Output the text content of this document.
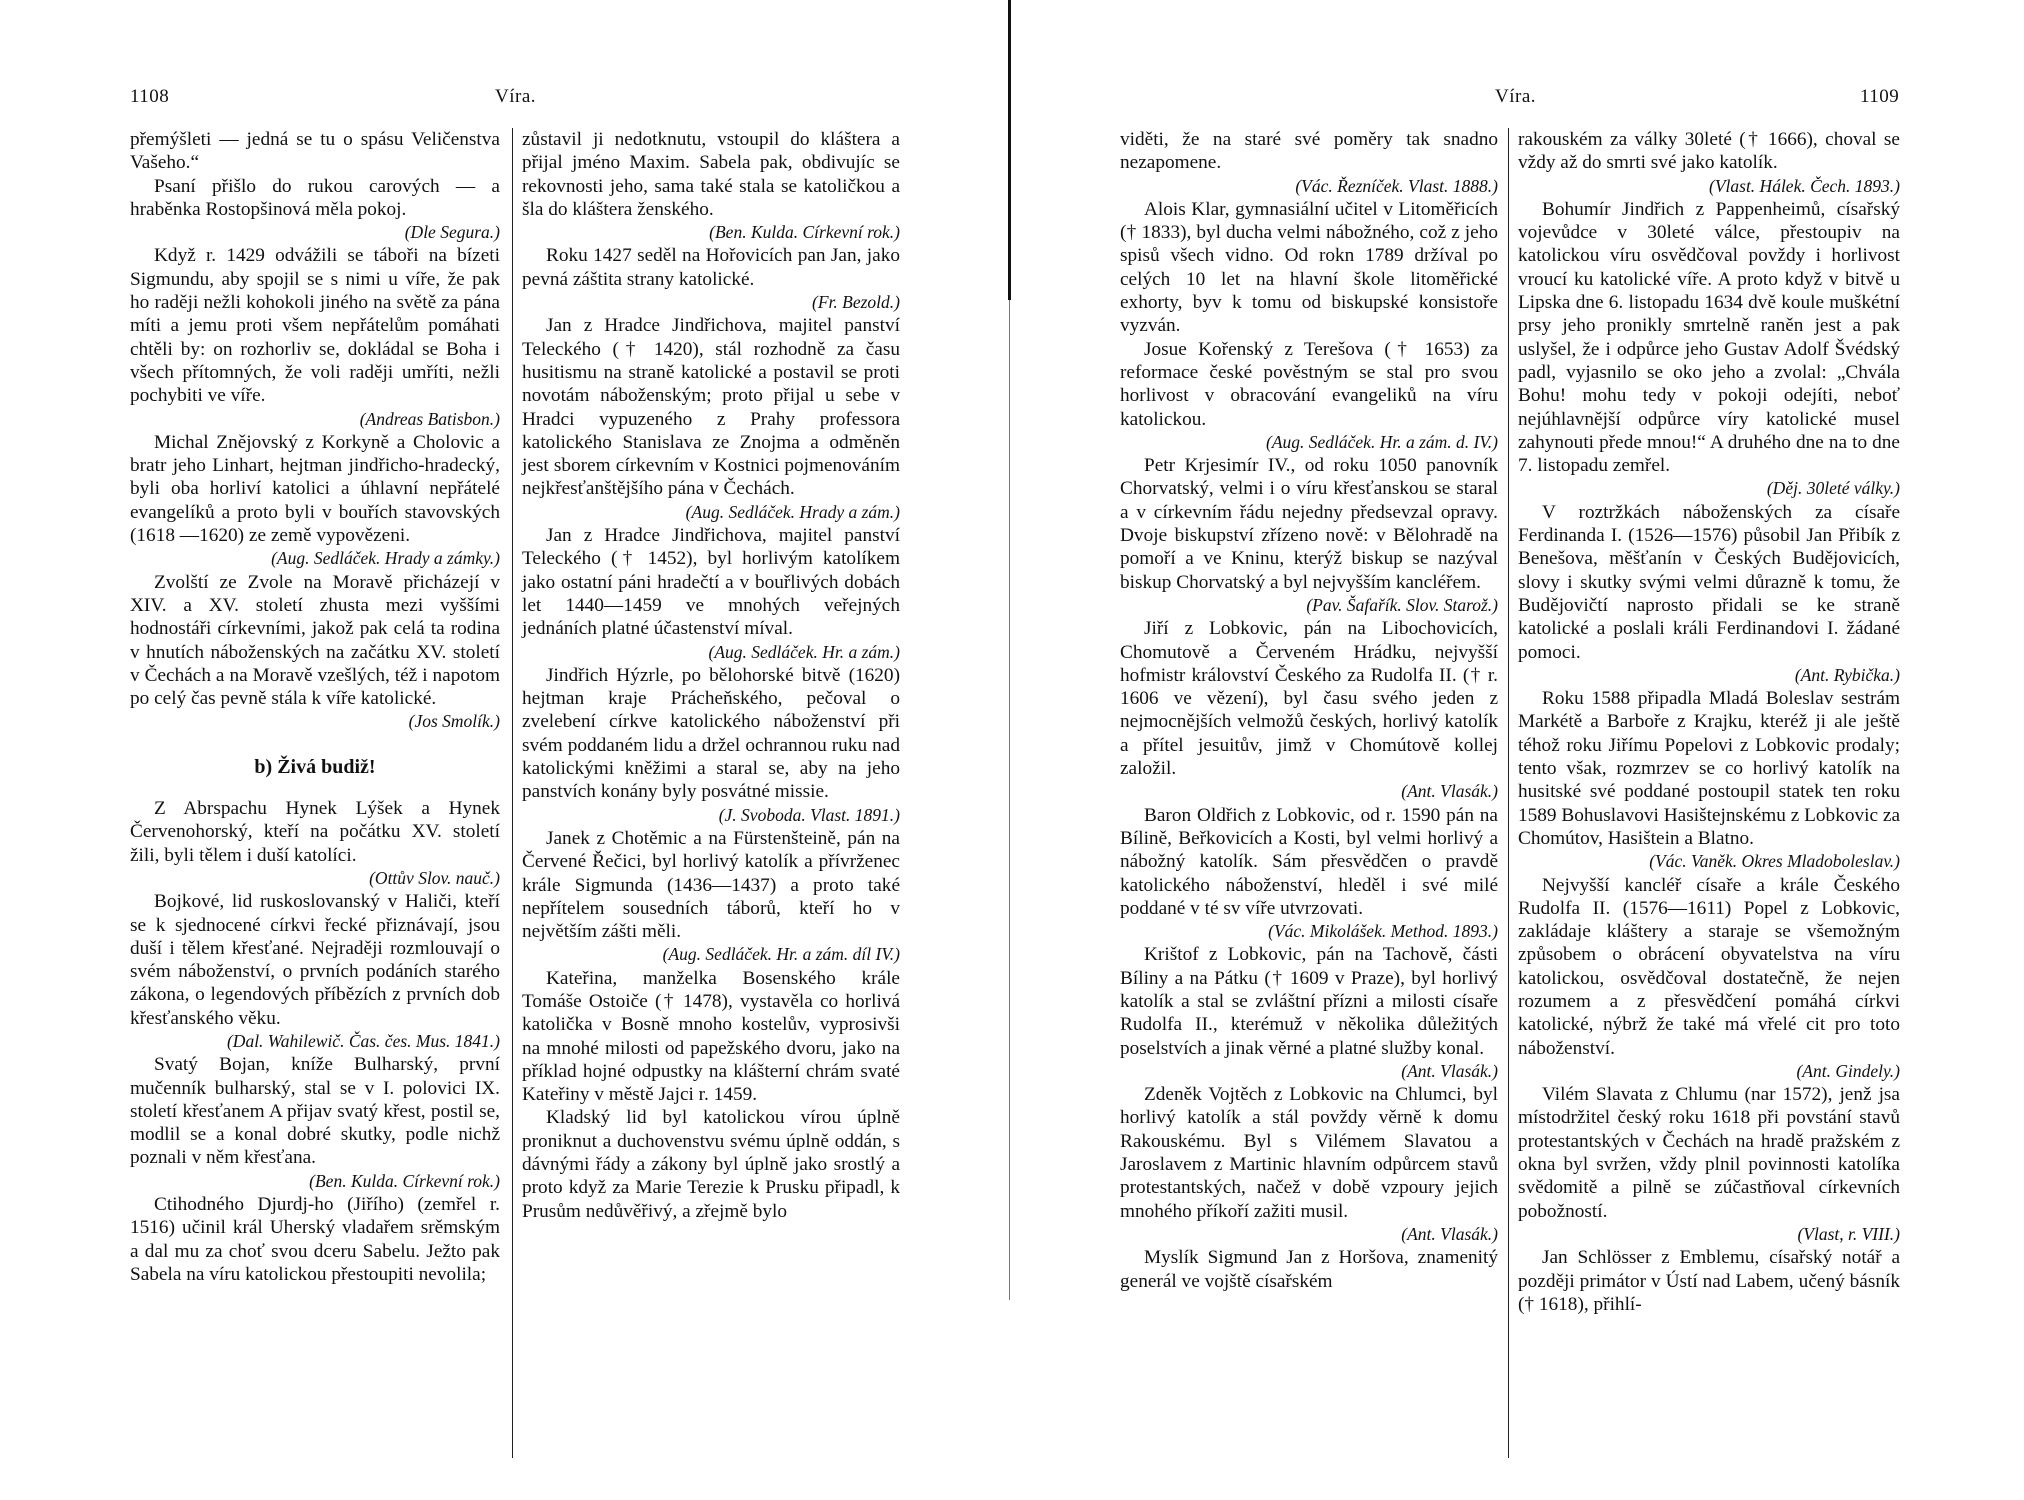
1108	Víra.

přemýšleti — jedná se tu o spásu Veličenstva Vašeho.“

Psaní přišlo do rukou carových — a hraběnka Rostopšinová měla pokoj.

(Dle Segura.)

Když r. 1429 odvážili se táboři na bízeti Sigmundu, aby spojil se s nimi u víře, že pak ho raději nežli kohokoli jiného na světě za pána míti a jemu proti všem nepřátelům pomáhati chtěli by: on rozhorliv se, dokládal se Boha i všech přítomných, že voli raději umříti, nežli pochybiti ve víře.

(Andreas Batisbon.)

Michal Znějovský z Korkyně a Cholovic a bratr jeho Linhart, hejtman jindřicho-hradecký, byli oba horliví katolici a úhlavní nepřátelé evangelíků a proto byli v bouřích stavovských (1618 —1620) ze země vypovězeni.

(Aug. Sedláček. Hrady a zámky.)

Zvolští ze Zvole na Moravě přicházejí v XIV. a XV. století zhusta mezi vyššími hodnostáři církevními, jakož pak celá ta rodina v hnutích náboženských na začátku XV. století v Čechách a na Moravě vzešlých, též i napotom po celý čas pevně stála k víře katolické.

(Jos Smolík.)

b) Živá budiž!

Z Abrspachu Hynek Lýšek a Hynek Červenohorský, kteří na počátku XV. století žili, byli tělem i duší katolíci.

(Ottův Slov. nauč.)

Bojkové, lid ruskoslovanský v Haliči, kteří se k sjednocené církvi řecké přiznávají, jsou duší i tělem křesťané. Nejraději rozmlouvají o svém náboženství, o prvních podáních starého zákona, o legendových příbězích z prvních dob křesťanského věku.

(Dal. Wahilewič. Čas. čes. Mus. 1841.)

Svatý Bojan, kníže Bulharský, první mučenník bulharský, stal se v I. polovici IX. století křesťanem A přijav svatý křest, postil se, modlil se a konal dobré skutky, podle nichž poznali v něm křesťana.

(Ben. Kulda. Církevní rok.)

Ctihodného Djurdj-ho (Jiřího) (zemřel r. 1516) učinil král Uherský vladařem srěmským a dal mu za choť svou dceru Sabelu. Ježto pak Sabela na víru katolickou přestoupiti nevolila;

zůstavil ji nedotknutu, vstoupil do kláštera a přijal jméno Maxim. Sabela pak, obdivujíc se rekovnosti jeho, sama také stala se katoličkou a šla do kláštera ženského.

(Ben. Kulda. Církevní rok.)

Roku 1427 seděl na Hořovicích pan Jan, jako pevná záštita strany katolické.

(Fr. Bezold.)

Jan z Hradce Jindřichova, majitel panství Teleckého († 1420), stál rozhodně za času husitismu na straně katolické a postavil se proti novotám náboženským; proto přijal u sebe v Hradci vypuzeného z Prahy professora katolického Stanislava ze Znojma a odměněn jest sborem církevním v Kostnici pojmenováním nejkřesťanštějšího pána v Čechách.

(Aug. Sedláček. Hrady a zám.)

Jan z Hradce Jindřichova, majitel panství Teleckého († 1452), byl horlivým katolíkem jako ostatní páni hradečtí a v bouřlivých dobách let 1440—1459 ve mnohých veřejných jednáních platné účastenství míval.

(Aug. Sedláček. Hr. a zám.)

Jindřich Hýzrle, po bělohorské bitvě (1620) hejtman kraje Prácheňského, pečoval o zvelebení církve katolického náboženství při svém poddaném lidu a držel ochrannou ruku nad katolickými kněžimi a staral se, aby na jeho panstvích konány byly posvátné missie.

(J. Svoboda. Vlast. 1891.)

Janek z Chotěmic a na Fürstenšteině, pán na Červené Řečici, byl horlivý katolík a přívrženec krále Sigmunda (1436—1437) a proto také nepřítelem sousedních táborů, kteří ho v největším zášti měli.

(Aug. Sedláček. Hr. a zám. díl IV.)

Kateřina, manželka Bosenského krále Tomáše Ostoiče († 1478), vystavěla co horlivá katolička v Bosně mnoho kostelův, vyprosivši na mnohé milosti od papežského dvoru, jako na příklad hojné odpustky na klášterní chrám svaté Kateřiny v městě Jajci r. 1459.

Kladský lid byl katolickou vírou úplně proniknut a duchovenstvu svému úplně oddán, s dávnými řády a zákony byl úplně jako srostlý a proto když za Marie Terezie k Prusku připadl, k Prusům nedůvěřivý, a zřejmě bylo

Víra.	1109

viděti, že na staré své poměry tak snadno nezapomene.

(Vác. Řezníček. Vlast. 1888.)

Alois Klar, gymnasiální učitel v Litoměřicích († 1833), byl ducha velmi nábožného, což z jeho spisů všech vidno. Od rokn 1789 držíval po celých 10 let na hlavní škole litoměřické exhorty, byv k tomu od biskupské konsistoře vyzván.

Josue Kořenský z Terešova († 1653) za reformace české pověstným se stal pro svou horlivost v obracování evangeliků na víru katolickou.

(Aug. Sedláček. Hr. a zám. d. IV.)

Petr Krjesimír IV., od roku 1050 panovník Chorvatský, velmi i o víru křesťanskou se staral a v církevním řádu nejedny předsevzal opravy. Dvoje biskupství zřízeno nově: v Bělohradě na pomoří a ve Kninu, kterýž biskup se nazýval biskup Chorvatský a byl nejvyšším kancléřem.

(Pav. Šafařík. Slov. Starož.)

Jiří z Lobkovic, pán na Libochovicích, Chomutově a Červeném Hrádku, nejvyšší hofmistr království Českého za Rudolfa II. († r. 1606 ve vězení), byl času svého jeden z nejmocnějších velmožů českých, horlivý katolík a přítel jesuitův, jimž v Chomútově kollej založil.

(Ant. Vlasák.)

Baron Oldřich z Lobkovic, od r. 1590 pán na Bílině, Beřkovicích a Kosti, byl velmi horlivý a nábožný katolík. Sám přesvědčen o pravdě katolického náboženství, hleděl i své milé poddané v té sv víře utvrzovati.

(Vác. Mikolášek. Method. 1893.)

Krištof z Lobkovic, pán na Tachově, části Bíliny a na Pátku († 1609 v Praze), byl horlivý katolík a stal se zvláštní přízni a milosti císaře Rudolfa II., kterémuž v několika důležitých poselstvích a jinak věrné a platné služby konal.

(Ant. Vlasák.)

Zdeněk Vojtěch z Lobkovic na Chlumci, byl horlivý katolík a stál povždy věrně k domu Rakouskému. Byl s Vilémem Slavatou a Jaroslavem z Martinic hlavním odpůrcem stavů protestantských, načež v době vzpoury jejich mnohého příkoří zažiti musil.

(Ant. Vlasák.)

Myslík Sigmund Jan z Horšova, znamenitý generál ve vojště císařském

rakouském za války 30leté († 1666), choval se vždy až do smrti své jako katolík.

(Vlast. Hálek. Čech. 1893.)

Bohumír Jindřich z Pappenheimů, císařský vojevůdce v 30leté válce, přestoupiv na katolickou víru osvědčoval povždy i horlivost vroucí ku katolické víře. A proto když v bitvě u Lipska dne 6. listopadu 1634 dvě koule muškétní prsy jeho pronikly smrtelně raněn jest a pak uslyšel, že i odpůrce jeho Gustav Adolf Švédský padl, vyjasnilo se oko jeho a zvolal: „Chvála Bohu! mohu tedy v pokoji odejíti, neboť nejúhlavnější odpůrce víry katolické musel zahynouti přede mnou!“ A druhého dne na to dne 7. listopadu zemřel.

(Děj. 30leté války.)

V roztržkách náboženských za císaře Ferdinanda I. (1526—1576) působil Jan Přibík z Benešova, měšťanín v Českých Budějovicích, slovy i skutky svými velmi důrazně k tomu, že Budějovičtí naprosto přidali se ke straně katolické a poslali králi Ferdinandovi I. žádané pomoci.

(Ant. Rybička.)

Roku 1588 připadla Mladá Boleslav sestrám Markétě a Barboře z Krajku, kteréž ji ale ještě téhož roku Jiřímu Popelovi z Lobkovic prodaly; tento však, rozmrzev se co horlivý katolík na husitské své poddané postoupil statek ten roku 1589 Bohuslavovi Hasištejnskému z Lobkovic za Chomútov, Hasištein a Blatno.

(Vác. Vaněk. Okres Mladoboleslav.)

Nejvyšší kancléř císaře a krále Českého Rudolfa II. (1576—1611) Popel z Lobkovic, zakládaje kláštery a staraje se všemožným způsobem o obrácení obyvatelstva na víru katolickou, osvědčoval dostatečně, že nejen rozumem a z přesvědčení pomáhá církvi katolické, nýbrž že také má vřelé cit pro toto náboženství.

(Ant. Gindely.)

Vilém Slavata z Chlumu (nar 1572), jenž jsa místodržitel český roku 1618 při povstání stavů protestantských v Čechách na hradě pražském z okna byl svržen, vždy plnil povinnosti katolíka svědomitě a pilně se zúčastňoval církevních pobožností.

(Vlast, r. VIII.)

Jan Schlösser z Emblemu, císařský notář a později primátor v Ústí nad Labem, učený básník († 1618), přihlí-
